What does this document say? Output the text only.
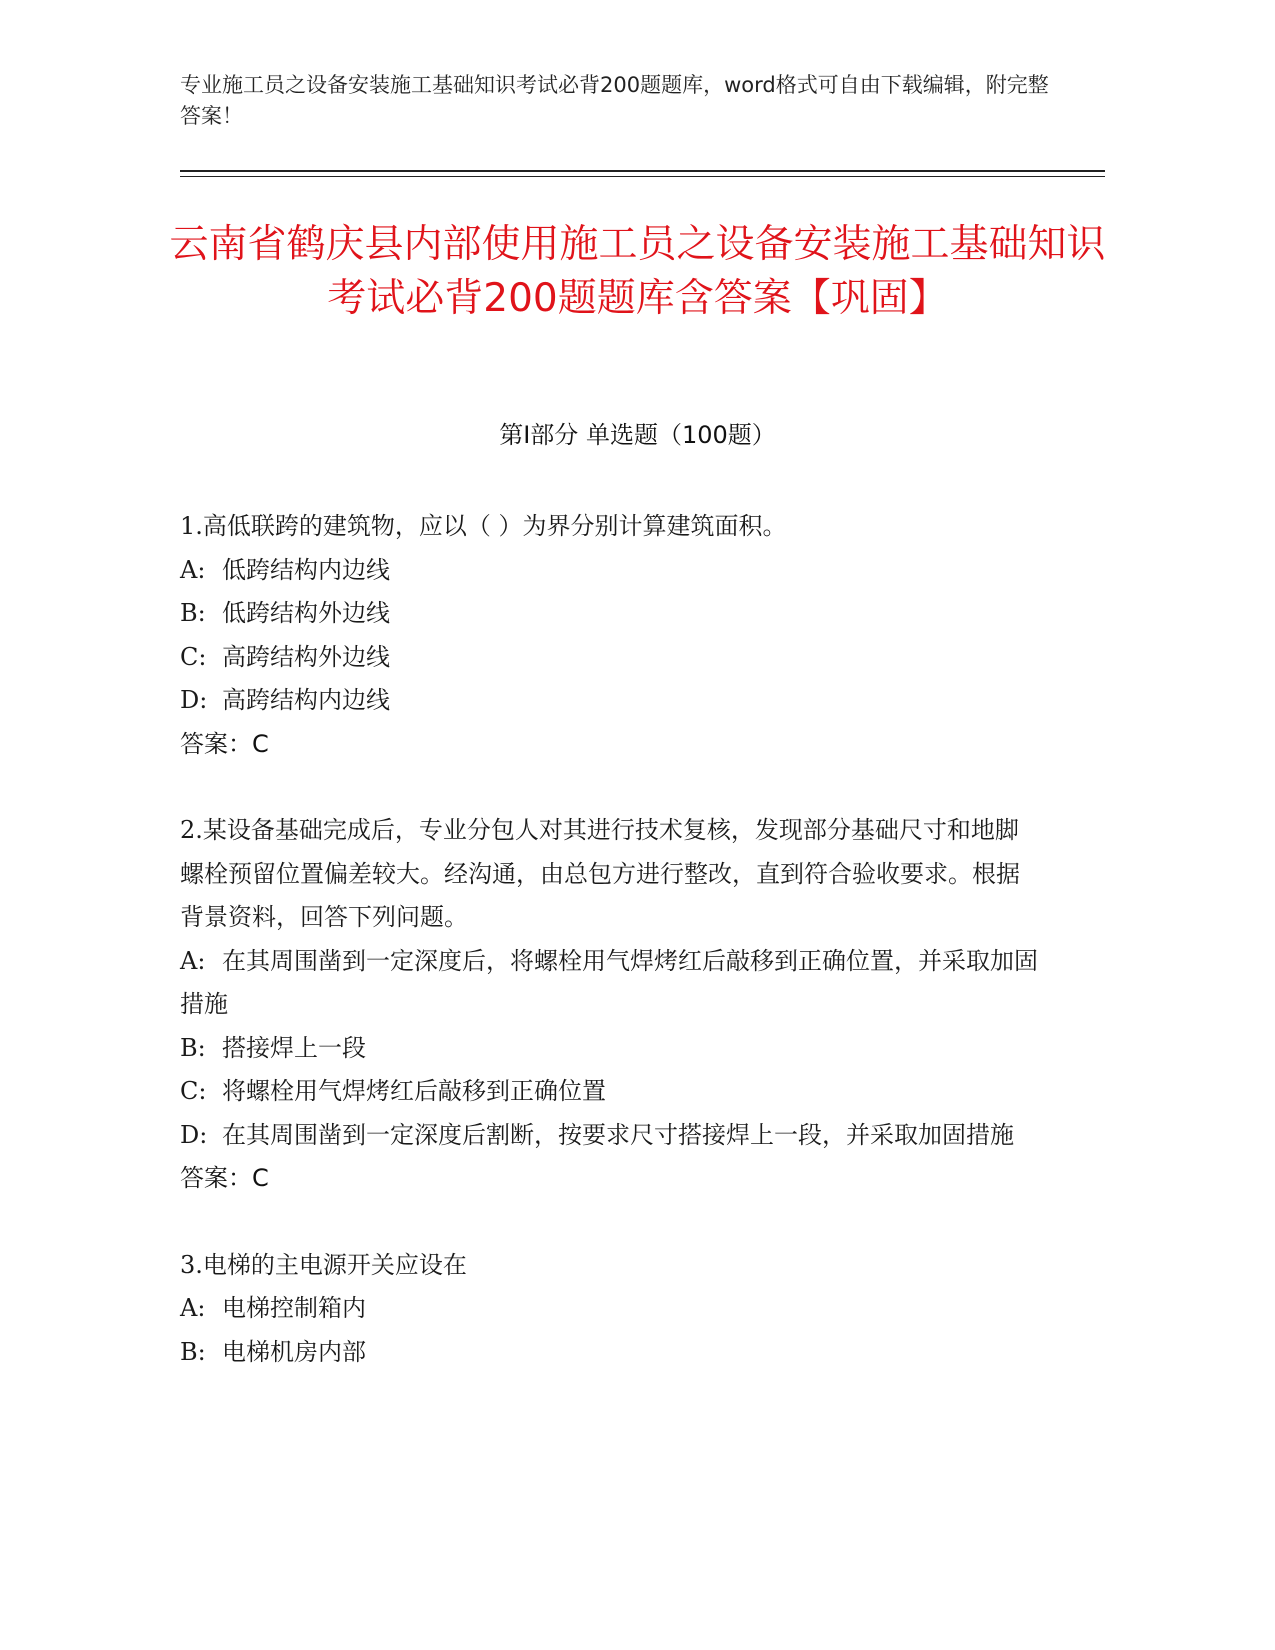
专业施工员之设备安装施工基础知识考试必背200题题库，word格式可自由下载编辑，附完整答案！
云南省鹤庆县内部使用施工员之设备安装施工基础知识考试必背200题题库含答案【巩固】
第Ⅰ部分 单选题（100题）

1.高低联跨的建筑物，应以（ ）为界分别计算建筑面积。

A: 低跨结构内边线

B: 低跨结构外边线

C: 高跨结构外边线

D: 高跨结构内边线

答案：C

2.某设备基础完成后，专业分包人对其进行技术复核，发现部分基础尺寸和地脚螺栓预留位置偏差较大。经沟通，由总包方进行整改，直到符合验收要求。根据背景资料，回答下列问题。

A: 在其周围凿到一定深度后，将螺栓用气焊烤红后敲移到正确位置，并采取加固措施

B: 搭接焊上一段

C: 将螺栓用气焊烤红后敲移到正确位置

D: 在其周围凿到一定深度后割断，按要求尺寸搭接焊上一段，并采取加固措施

答案：C

3.电梯的主电源开关应设在

A: 电梯控制箱内

B: 电梯机房内部
